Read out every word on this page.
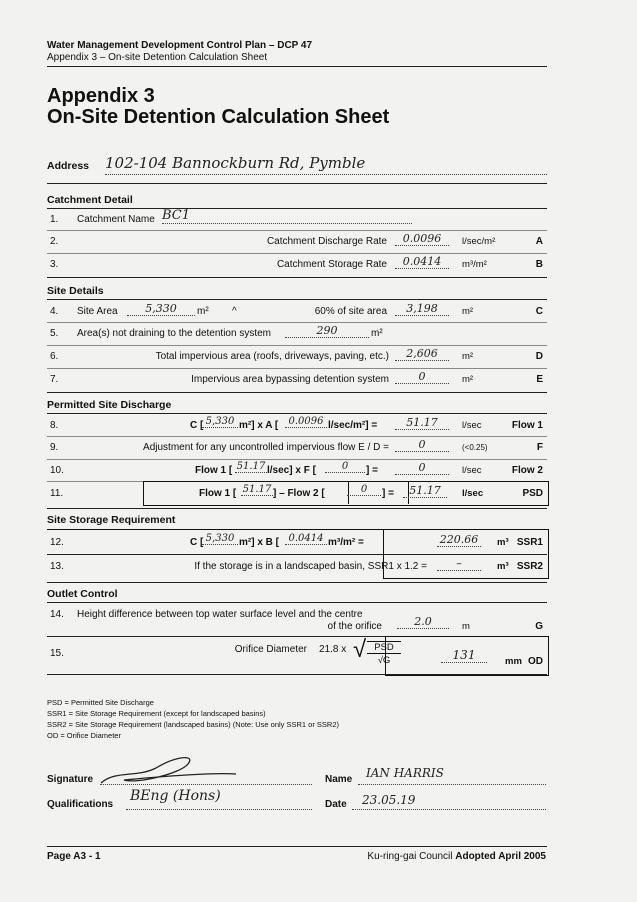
Water Management Development Control Plan – DCP 47
Appendix 3 – On-site Detention Calculation Sheet
Appendix 3
On-Site Detention Calculation Sheet
Address 102-104 Bannockburn Rd, Pymble
Catchment Detail
1. Catchment Name BC1
2.	Catchment Discharge Rate	0.0096	l/sec/m²	A
3.	Catchment Storage Rate	0.0414	m³/m²	B
Site Details
4. Site Area	5,330	m² ^	60% of site area	3,198	m²	C
5. Area(s) not draining to the detention system	290	m²
6.	Total impervious area (roofs, driveways, paving, etc.)	2,606	m²	D
7.	Impervious area bypassing detention system	0	m²	E
Permitted Site Discharge
8.	C [ 5,330 m²] x A [	0.0096 l/sec/m²] =	51.17	l/sec	Flow 1
9.	Adjustment for any uncontrolled impervious flow E / D =	0	(<0.25)	F
10.	Flow 1 [ 51.17 l/sec] x F [	0	] =	0	l/sec	Flow 2
11.	Flow 1 [ 51.17 ] – Flow 2 [	0	] =	51.17	l/sec	PSD
Site Storage Requirement
12.	C [ 5,330 m²] x B [ 0.0414 m³/m² =	220.66 m³ SSR1
13.	If the storage is in a landscaped basin, SSR1 x 1.2 =	–	m³ SSR2
Outlet Control
14. Height difference between top water surface level and the centre
of the orifice	2.0	m	G
15.	Orifice Diameter 21.8 x √ PSD
√G	131	mm OD
PSD = Permitted Site Discharge
SSR1 = Site Storage Requirement (except for landscaped basins)
SSR2 = Site Storage Requirement (landscaped basins) (Note: Use only SSR1 or SSR2)
OD = Orifice Diameter
Signature	Name IAN HARRIS
Qualifications
BEng (Hons)
Date 23.05.19
Page A3 - 1	Ku-ring-gai Council Adopted April 2005
